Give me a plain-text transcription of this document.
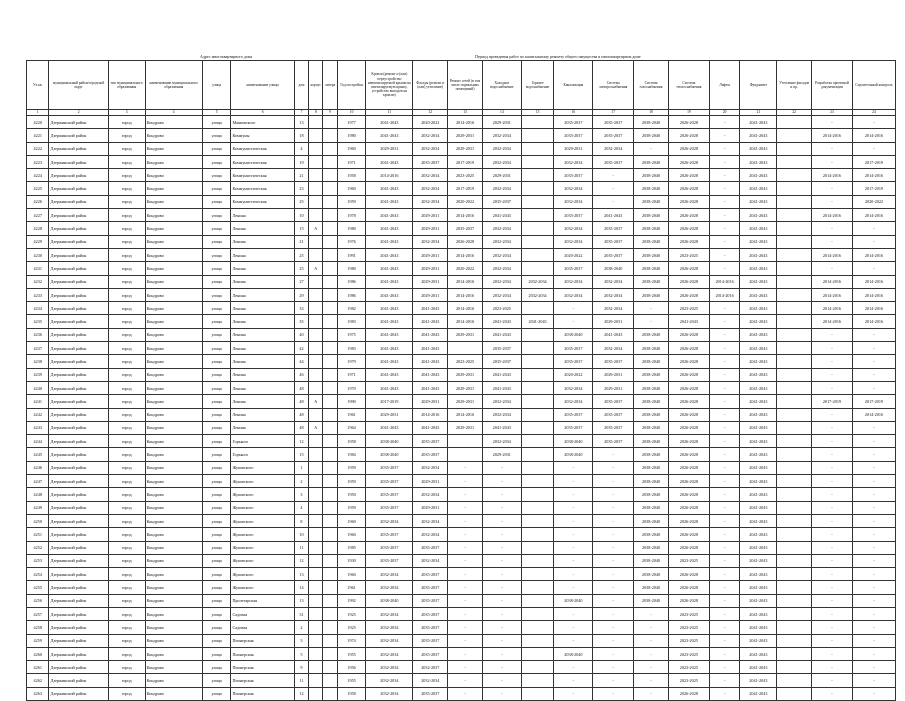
Адрес многоквартирного дома	Период проведения работ по капитальному ремонту общего имущества в многоквартирном доме
Уч.кв.	муниципальный район/городской округ	тип муниципального образования	наименование муниципального образования	улица	наименование улицы	дом	корпус	литера	Год постройки	Кровля (ремонт и (или) переустройство невентилируемой крыши на вентилируемую крышу, устройство выходов на кровлю)	Фасады (ремонт и (или) утепление)	Ремонт сетей (в том числе подвальных помещений)	Холодное водоснабжение	Горячее водоснабжение	Канализация	Система электроснабжения	Система газоснабжения	Система теплоснабжения	Лифты	Фундамент	Утепление фасадов и пр.	Разработка проектной документации	Строительный контроль
1	2	3	4	5	6	7	8	9	10	11	12	13	14	15	16	17	18	19	20	21	22	23	24
4220	Дзержинский район	город	Кондрово	улица	Маяковского	13			1977	2041-2043	2020-2022	2014-2016	2029-2031		2035-2037	2035-2037	2038-2040	2026-2028	-	2041-2043		-	-
4221	Дзержинский район	город	Кондрово	улица	Коммуны	18			1980	2041-2043	2032-2034	2029-2031	2032-2034		2035-2037	2035-2037	2038-2040	2026-2028	-	2041-2043		2014-2016	2014-2016
4222	Дзержинский район	город	Кондрово	улица	Коммунистическая	4			1960	2029-2031	2032-2034	2029-2031	2032-2034		2029-2031	2032-2034	-	2026-2028	-	2041-2043		-	-
4223	Дзержинский район	город	Кондрово	улица	Коммунистическая	19			1971	2041-2043	2035-2037	2017-2019	2032-2034		2032-2034	2035-2037	2038-2040	2026-2028	-	2041-2043		-	2017-2019
4224	Дзержинский район	город	Кондрово	улица	Коммунистическая	21			1958	2014-2016	2032-2034	2023-2025	2029-2031		2035-2037	-	2038-2040	2026-2028	-	2041-2043		2014-2016	2014-2016
4225	Дзержинский район	город	Кондрово	улица	Коммунистическая	23			1960	2041-2043	2032-2034	2017-2019	2032-2034		2032-2034	-	2038-2040	2026-2028	-	2041-2043		-	2017-2019
4226	Дзержинский район	город	Кондрово	улица	Коммунистическая	25			1959	2041-2043	2032-2034	2020-2022	2035-2037		2032-2034	-	2038-2040	2026-2028	-	2041-2043		-	2020-2022
4227	Дзержинский район	город	Кондрово	улица	Ленина	10			1978	2041-2043	2029-2031	2014-2016	2041-2043		2035-2037	2041-2043	2038-2040	2026-2028	-	2041-2043		2014-2016	2014-2016
4228	Дзержинский район	город	Кондрово	улица	Ленина	15	А		1980	2041-2043	2029-2031	2035-2037	2032-2034		2032-2034	2035-2037	2038-2040	2026-2028	-	2041-2043		-	-
4229	Дзержинский район	город	Кондрово	улица	Ленина	21			1976	2041-2043	2032-2034	2026-2028	2032-2034		2032-2034	2035-2037	2038-2040	2026-2028	-	2041-2043		-	-
4230	Дзержинский район	город	Кондрово	улица	Ленина	25			1991	2041-2043	2029-2031	2014-2016	2032-2034		2020-2022	2035-2037	2038-2040	2023-2025	-	2041-2043		2014-2016	2014-2016
4231	Дзержинский район	город	Кондрово	улица	Ленина	25	А		1980	2041-2043	2029-2031	2020-2022	2032-2034		2035-2037	2038-2040	2038-2040	2026-2028	-	2041-2043		-	-
4232	Дзержинский район	город	Кондрово	улица	Ленина	27			1986	2041-2043	2029-2031	2014-2016	2032-2034	2032-2034	2032-2034	2032-2034	2038-2040	2026-2028	2014-2016	2041-2043		2014-2016	2014-2016
4233	Дзержинский район	город	Кондрово	улица	Ленина	29			1986	2041-2043	2029-2031	2014-2016	2032-2034	2032-2034	2032-2034	2032-2034	2038-2040	2026-2028	2014-2016	2041-2043		2014-2016	2014-2016
4234	Дзержинский район	город	Кондрово	улица	Ленина	33			1982	2041-2043	2041-2043	2014-2016	2023-2025		-	2032-2034	-	2023-2025	-	2041-2043		2014-2016	2014-2016
4235	Дзержинский район	город	Кондрово	улица	Ленина	35			1983	2041-2043	2041-2043	2014-2016	2041-2043	2041-2043	-	2029-2031	-	2041-2043	-	2041-2043		2014-2016	2014-2016
4236	Дзержинский район	город	Кондрово	улица	Ленина	40			1975	2041-2043	2041-2043	2029-2031	2041-2043		2038-2040	2041-2043	2038-2040	2026-2028	-	2041-2043		-	-
4237	Дзержинский район	город	Кондрово	улица	Ленина	42			1983	2041-2043	2041-2043		2035-2037		2035-2037	2032-2034	2038-2040	2026-2028	-	2041-2043		-	-
4238	Дзержинский район	город	Кондрово	улица	Ленина	44			1979	2041-2043	2041-2043	2023-2025	2035-2037		2035-2037	2035-2037	2038-2040	2026-2028	-	2041-2043		-	-
4239	Дзержинский район	город	Кондрово	улица	Ленина	46			1971	2041-2043	2041-2043	2029-2031	2041-2043		2020-2022	2029-2031	2038-2040	2026-2028	-	2041-2043		-	-
4240	Дзержинский район	город	Кондрово	улица	Ленина	48			1970	2041-2043	2041-2043	2029-2031	2041-2043		2032-2034	2029-2031	2038-2040	2026-2028	-	2041-2043		-	-
4241	Дзержинский район	город	Кондрово	улица	Ленина	48	А		1990	2017-2019	2029-2031	2029-2031	2032-2034		2032-2034	2035-2037	2038-2040	2026-2028	-	2041-2043		2017-2019	2017-2019
4242	Дзержинский район	город	Кондрово	улица	Ленина	48			1961	2029-2031	2014-2016	2014-2016	2032-2034		2035-2037	2035-2037	2038-2040	2026-2028	-	2041-2043		-	2014-2016
4243	Дзержинский район	город	Кондрово	улица	Ленина	48	А		1964	2041-2043	2041-2043	2029-2031	2041-2043		2035-2037	2035-2037	2038-2040	2026-2028	-	2041-2043		-	-
4244	Дзержинский район	город	Кондрово	улица	Горького	12			1958	2038-2040	2035-2037		2032-2034		2038-2040	2035-2037	2038-2040	2026-2028	-	2041-2043		-	-
4245	Дзержинский район	город	Кондрово	улица	Горького	15			1984	2038-2040	2035-2037		2029-2031		2038-2040	-	2038-2040	2026-2028	-	2041-2043		-	-
4246	Дзержинский район	город	Кондрово	улица	Жуковского	1			1959	2035-2037	2032-2034	-	-		-	-	2038-2040	2026-2028	-	2041-2043		-	-
4247	Дзержинский район	город	Кондрово	улица	Жуковского	2			1959	2035-2037	2029-2031	-	-		-	-	2038-2040	2026-2028	-	2041-2043		-	-
4248	Дзержинский район	город	Кондрово	улица	Жуковского	3			1950	2035-2037	2032-2034	-	-		-	-	2038-2040	2026-2028	-	2041-2043		-	-
4249	Дзержинский район	город	Кондрово	улица	Жуковского	4			1959	2035-2037	2029-2031	-	-		-	-	2038-2040	2026-2028	-	2041-2043		-	-
4250	Дзержинский район	город	Кондрово	улица	Жуковского	8			1960	2032-2034	2032-2034	-	-		-	-	2038-2040	2026-2028	-	2041-2043		-	-
4251	Дзержинский район	город	Кондрово	улица	Жуковского	10			1960	2035-2037	2032-2034	-	-		-	-	2038-2040	2026-2028	-	2041-2043		-	-
4252	Дзержинский район	город	Кондрово	улица	Жуковского	11			1985	2035-2037	2035-2037	-	-		-	-	2038-2040	2026-2028	-	2041-2043		-	-
4253	Дзержинский район	город	Кондрово	улица	Жуковского	12			1930	2035-2037	2032-2034	-	-		-	-	2038-2040	2023-2025	-	2041-2043		-	-
4254	Дзержинский район	город	Кондрово	улица	Жуковского	13			1960	2032-2034	2035-2037	-	-		-	-	2038-2040	2026-2028	-	2041-2043		-	-
4255	Дзержинский район	город	Кондрово	улица	Жуковского	14			1961	2032-2034	2035-2037	-	-		-	-	2038-2040	2026-2028	-	2041-2043		-	-
4256	Дзержинский район	город	Кондрово	улица	Пролетарская	13			1992	2038-2040	2035-2037	-	-		2038-2040	-	2038-2040	2026-2028	-	2041-2043		-	-
4257	Дзержинский район	город	Кондрово	улица	Садовая	31			1925	2032-2034	2035-2037	-	-		-	-	-	2023-2025	-	2041-2043		-	-
4258	Дзержинский район	город	Кондрово	улица	Садовая	2			1925	2032-2034	2035-2037	-	-		-	-	-	2023-2025	-	2041-2043		-	-
4259	Дзержинский район	город	Кондрово	улица	Пионерская	3			1974	2032-2034	2035-2037	-	-		-	-	-	2023-2025	-	2041-2043		-	-
4260	Дзержинский район	город	Кондрово	улица	Пионерская	5			1955	2032-2034	2035-2037	-	-		2038-2040	-	-	2023-2025	-	2041-2043		-	-
4261	Дзержинский район	город	Кондрово	улица	Пионерская	9			1956	2032-2034	2032-2037	-	-		-	-	-	2023-2025	-	2041-2043		-	-
4262	Дзержинский район	город	Кондрово	улица	Пионерская	11			1955	2032-2034	2032-2034	-	-		-	-	-	2023-2025	-	2041-2043		-	-
4263	Дзержинский район	город	Кондрово	улица	Пионерская	12			1958	2032-2034	2035-2037	-	-		-	-	-	2026-2028	-	2041-2043		-	-
